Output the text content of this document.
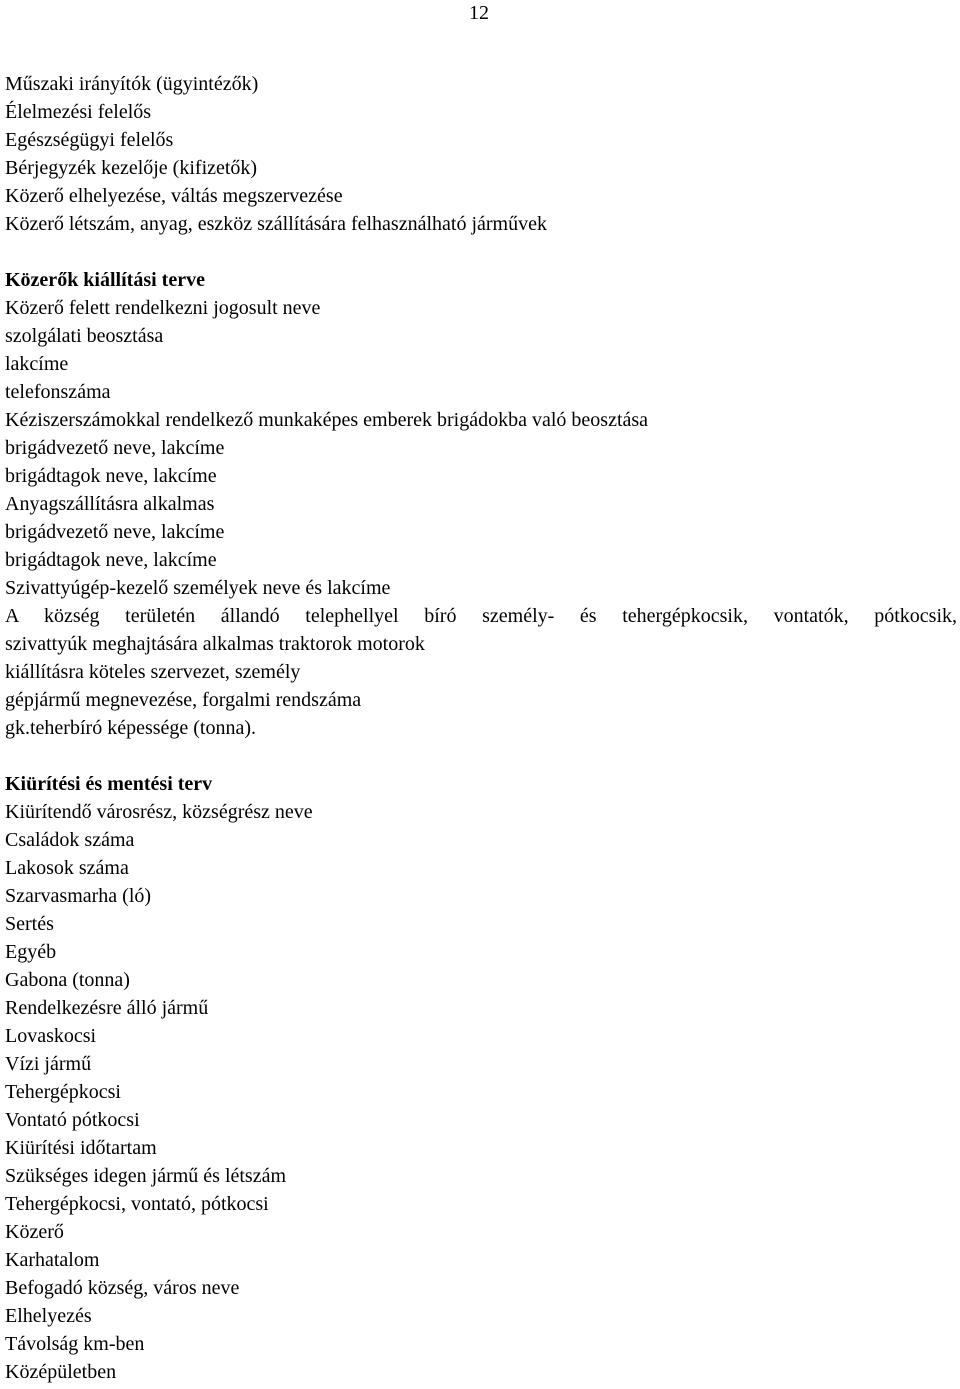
12
Műszaki irányítók (ügyintézők)
Élelmezési felelős
Egészségügyi felelős
Bérjegyzék kezelője (kifizetők)
Közerő elhelyezése, váltás megszervezése
Közerő létszám, anyag, eszköz szállítására felhasználható járművek
Közerők kiállítási terve
Közerő felett rendelkezni jogosult neve
szolgálati beosztása
lakcíme
telefonszáma
Kéziszerszámokkal rendelkező munkaképes emberek brigádokba való beosztása
brigádvezető neve, lakcíme
brigádtagok neve, lakcíme
Anyagszállításra alkalmas
brigádvezető neve, lakcíme
brigádtagok neve, lakcíme
Szivattyúgép-kezelő személyek neve és lakcíme
A község területén állandó telephellyel bíró személy- és tehergépkocsik, vontatók, pótkocsik,
szivattyúk meghajtására alkalmas traktorok motorok
kiállításra köteles szervezet, személy
gépjármű megnevezése, forgalmi rendszáma
gk.teherbíró képessége (tonna).
Kiürítési és mentési terv
Kiürítendő városrész, községrész neve
Családok száma
Lakosok száma
Szarvasmarha (ló)
Sertés
Egyéb
Gabona (tonna)
Rendelkezésre álló jármű
Lovaskocsi
Vízi jármű
Tehergépkocsi
Vontató pótkocsi
Kiürítési időtartam
Szükséges idegen jármű és létszám
Tehergépkocsi, vontató, pótkocsi
Közerő
Karhatalom
Befogadó község, város neve
Elhelyezés
Távolság km-ben
Középületben
